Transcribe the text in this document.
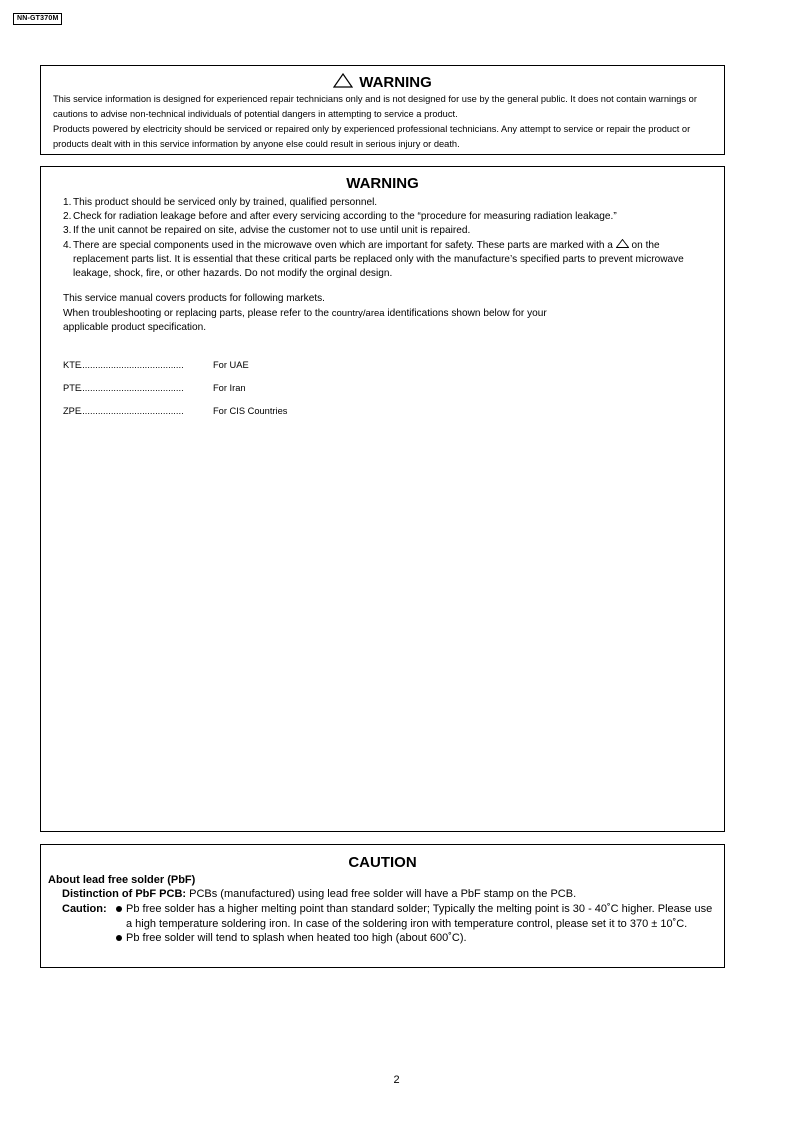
NN-GT370M
WARNING
This service information is designed for experienced repair technicians only and is not designed for use by the general public. It does not contain warnings or cautions to advise non-technical individuals of potential dangers in attempting to service a product.
Products powered by electricity should be serviced or repaired only by experienced professional technicians. Any attempt to service or repair the product or products dealt with in this service information by anyone else could result in serious injury or death.
WARNING
1. This product should be serviced only by trained, qualified personnel.
2. Check for radiation leakage before and after every servicing according to the “procedure for measuring radiation leakage.”
3. If the unit cannot be repaired on site, advise the customer not to use until unit is repaired.
4. There are special components used in the microwave oven which are important for safety. These parts are marked with a on the replacement parts list. It is essential that these critical parts be replaced only with the manufacture’s specified parts to prevent microwave leakage, shock, fire, or other hazards. Do not modify the orginal design.
This service manual covers products for following markets.
When troubleshooting or replacing parts, please refer to the country/area identifications shown below for your
applicable product specification.
KTE ........................................	For UAE
PTE ........................................	For Iran
ZPE ........................................	For CIS Countries
CAUTION
About lead free solder (PbF)
Distinction of PbF PCB: PCBs (manufactured) using lead free solder will have a PbF stamp on the PCB.
Caution:	Pb free solder has a higher melting point than standard solder; Typically the melting point is 30 - 40˚C higher. Please use a high temperature soldering iron. In case of the soldering iron with temperature control, please set it to 370 ± 10˚C.
Pb free solder will tend to splash when heated too high (about 600˚C).
2
